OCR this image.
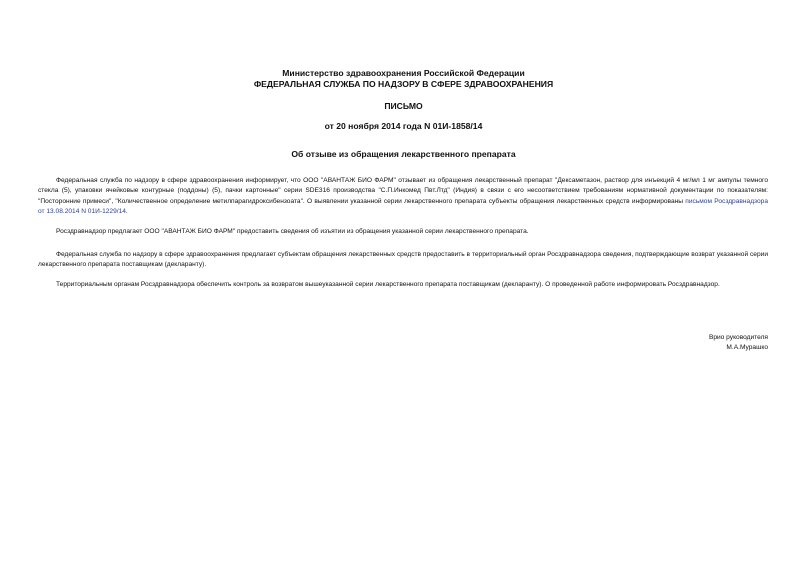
Министерство здравоохранения Российской Федерации
ФЕДЕРАЛЬНАЯ СЛУЖБА ПО НАДЗОРУ В СФЕРЕ ЗДРАВООХРАНЕНИЯ
ПИСЬМО
от 20 ноября 2014 года N 01И-1858/14
Об отзыве из обращения лекарственного препарата

Федеральная служба по надзору в сфере здравоохранения информирует, что ООО "АВАНТАЖ БИО ФАРМ" отзывает из обращения лекарственный препарат "Дексаметазон, раствор для инъекций 4 мг/мл 1 мг ампулы темного стекла (5), упаковки ячейковые контурные (поддоны) (5), пачки картонные" серии SDE316 производства "С.П.Инкомед Пвт.Лтд" (Индия) в связи с его несоответствием требованиям нормативной документации по показателям: "Посторонние примеси", "Количественное определение метилпарагидроксибензоата". О выявлении указанной серии лекарственного препарата субъекты обращения лекарственных средств информированы письмом Росздравнадзора от 13.08.2014 N 01И-1229/14.

Росздравнадзор предлагает ООО "АВАНТАЖ БИО ФАРМ" предоставить сведения об изъятии из обращения указанной серии лекарственного препарата.

Федеральная служба по надзору в сфере здравоохранения предлагает субъектам обращения лекарственных средств предоставить в территориальный орган Росздравнадзора сведения, подтверждающие возврат указанной серии лекарственного препарата поставщикам (декларанту).

Территориальным органам Росздравнадзора обеспечить контроль за возвратом вышеуказанной серии лекарственного препарата поставщикам (декларанту). О проведенной работе информировать Росздравнадзор.

Врио руководителя
М.А.Мурашко
